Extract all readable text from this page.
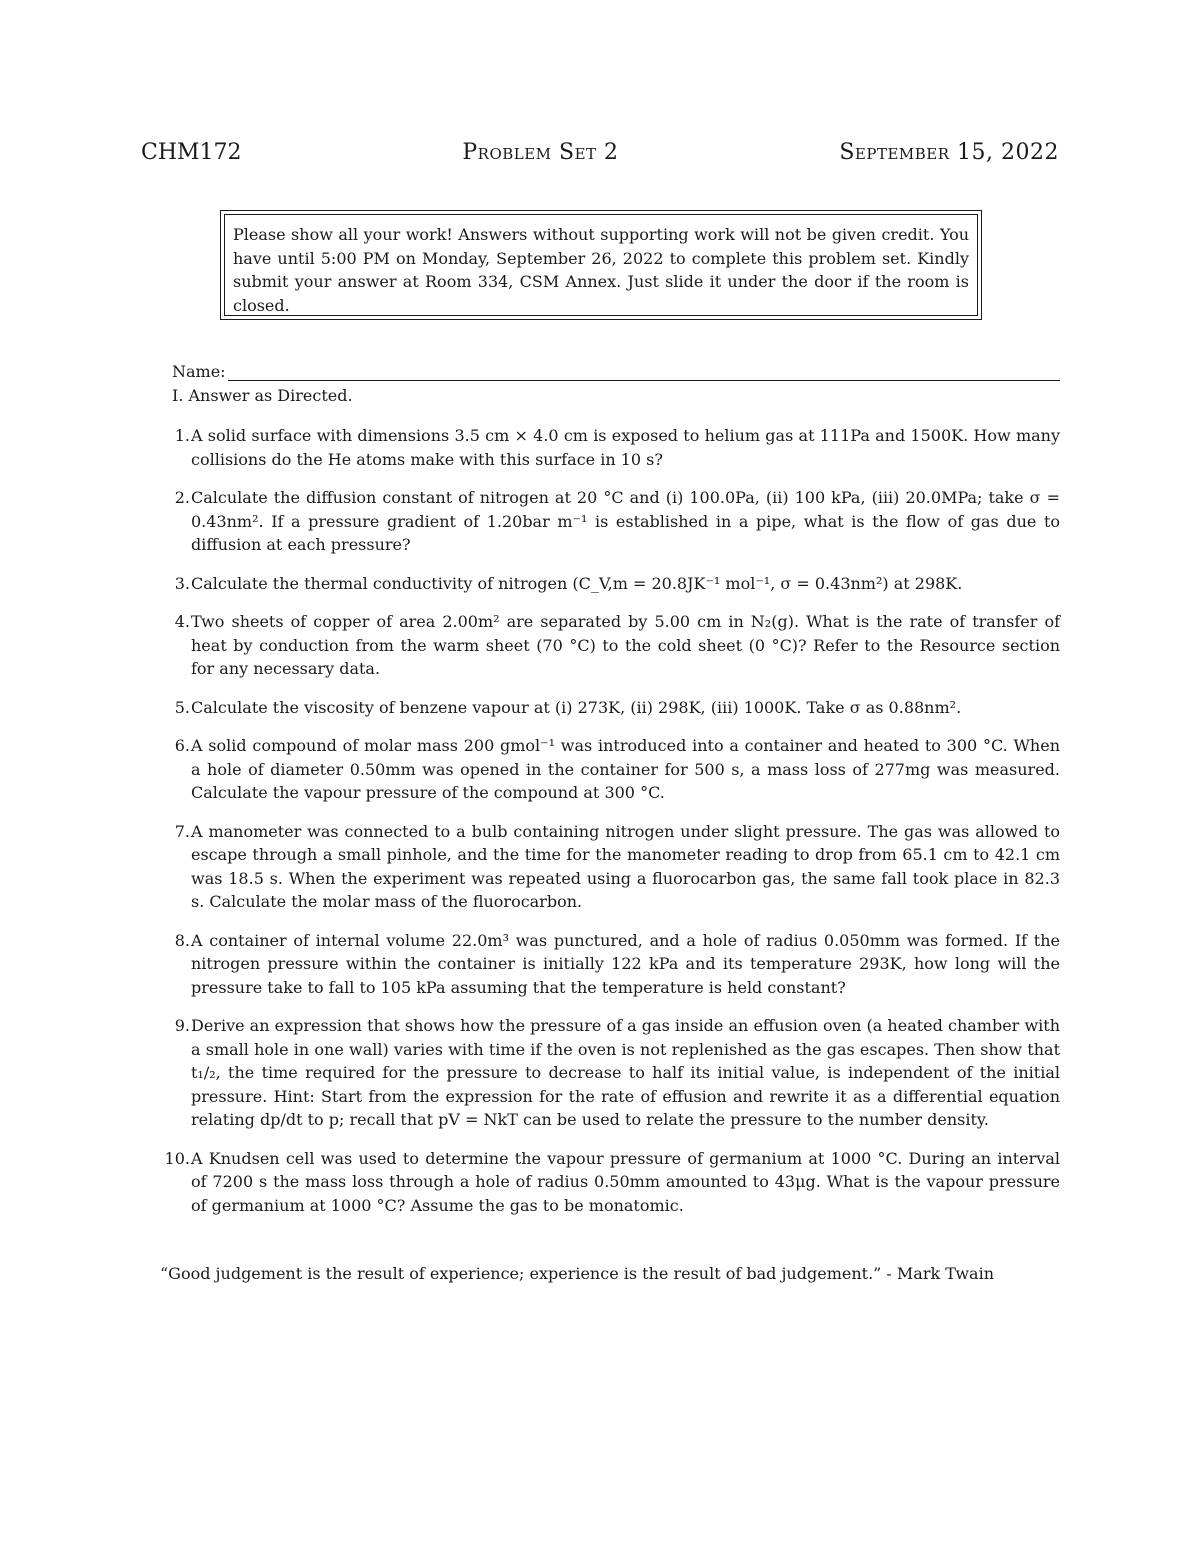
CHM172	Problem Set 2	September 15, 2022
Please show all your work! Answers without supporting work will not be given credit. You have until 5:00 PM on Monday, September 26, 2022 to complete this problem set. Kindly submit your answer at Room 334, CSM Annex. Just slide it under the door if the room is closed.
Name:
I. Answer as Directed.
1. A solid surface with dimensions 3.5 cm × 4.0 cm is exposed to helium gas at 111Pa and 1500K. How many collisions do the He atoms make with this surface in 10 s?
2. Calculate the diffusion constant of nitrogen at 20 °C and (i) 100.0Pa, (ii) 100 kPa, (iii) 20.0MPa; take σ = 0.43nm². If a pressure gradient of 1.20bar m⁻¹ is established in a pipe, what is the flow of gas due to diffusion at each pressure?
3. Calculate the thermal conductivity of nitrogen (C_V,m = 20.8JK⁻¹ mol⁻¹, σ = 0.43nm²) at 298K.
4. Two sheets of copper of area 2.00m² are separated by 5.00 cm in N₂(g). What is the rate of transfer of heat by conduction from the warm sheet (70 °C) to the cold sheet (0 °C)? Refer to the Resource section for any necessary data.
5. Calculate the viscosity of benzene vapour at (i) 273K, (ii) 298K, (iii) 1000K. Take σ as 0.88nm².
6. A solid compound of molar mass 200 gmol⁻¹ was introduced into a container and heated to 300 °C. When a hole of diameter 0.50mm was opened in the container for 500 s, a mass loss of 277mg was measured. Calculate the vapour pressure of the compound at 300 °C.
7. A manometer was connected to a bulb containing nitrogen under slight pressure. The gas was allowed to escape through a small pinhole, and the time for the manometer reading to drop from 65.1 cm to 42.1 cm was 18.5 s. When the experiment was repeated using a fluorocarbon gas, the same fall took place in 82.3 s. Calculate the molar mass of the fluorocarbon.
8. A container of internal volume 22.0m³ was punctured, and a hole of radius 0.050mm was formed. If the nitrogen pressure within the container is initially 122 kPa and its temperature 293K, how long will the pressure take to fall to 105 kPa assuming that the temperature is held constant?
9. Derive an expression that shows how the pressure of a gas inside an effusion oven (a heated chamber with a small hole in one wall) varies with time if the oven is not replenished as the gas escapes. Then show that t₁/₂, the time required for the pressure to decrease to half its initial value, is independent of the initial pressure. Hint: Start from the expression for the rate of effusion and rewrite it as a differential equation relating dp/dt to p; recall that pV = NkT can be used to relate the pressure to the number density.
10. A Knudsen cell was used to determine the vapour pressure of germanium at 1000 °C. During an interval of 7200 s the mass loss through a hole of radius 0.50mm amounted to 43μg. What is the vapour pressure of germanium at 1000 °C? Assume the gas to be monatomic.
“Good judgement is the result of experience; experience is the result of bad judgement.” - Mark Twain
